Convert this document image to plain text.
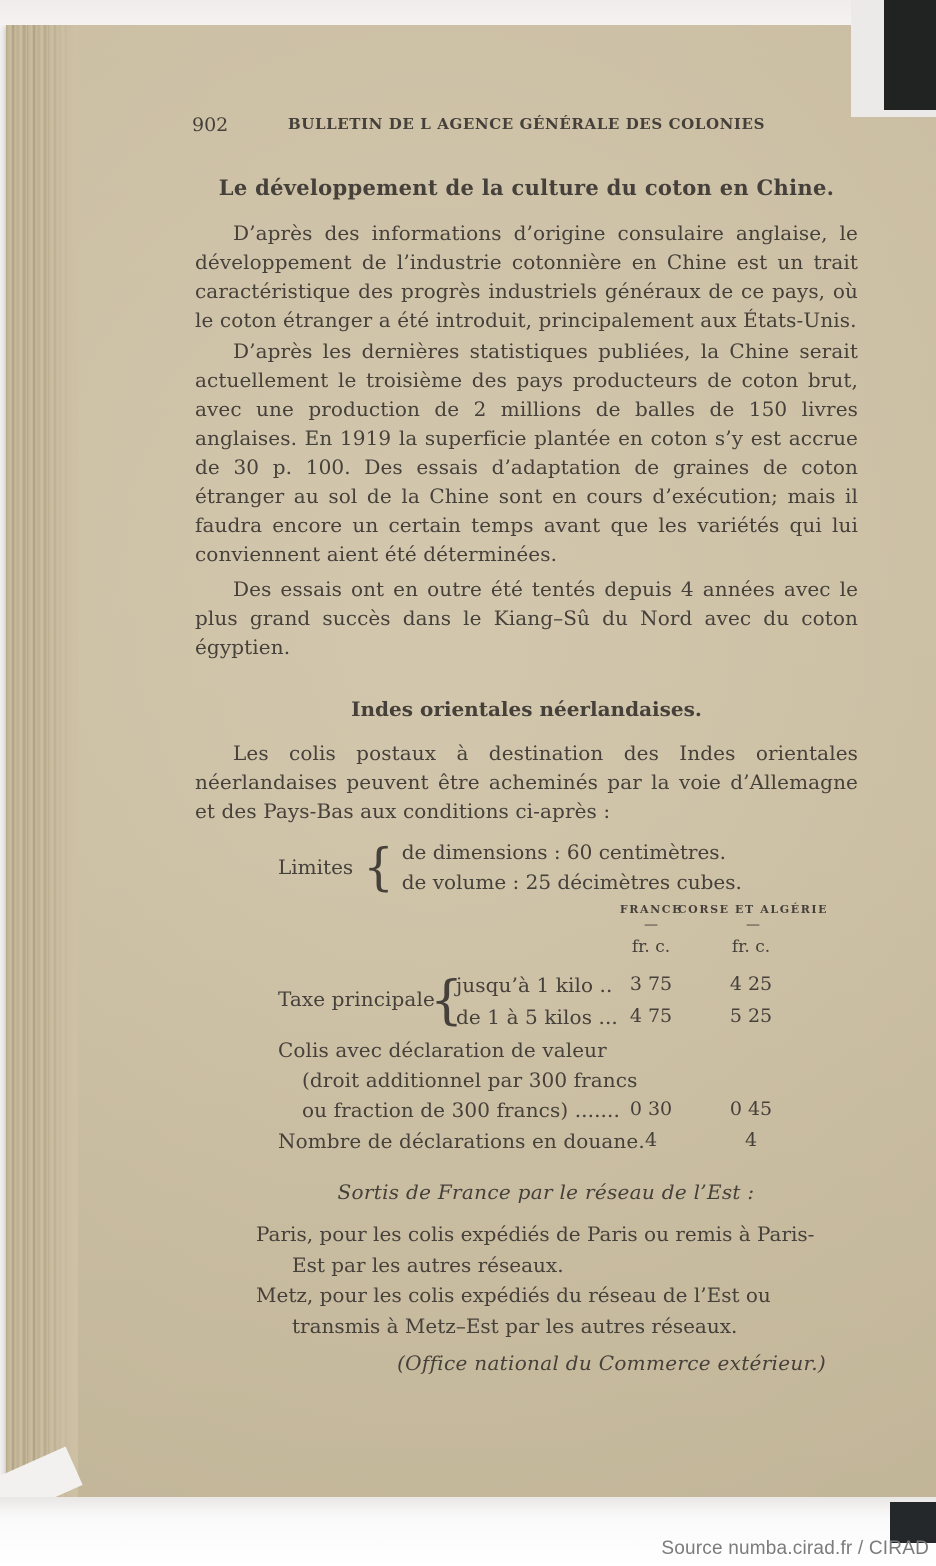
902	BULLETIN DE L AGENCE GÉNÉRALE DES COLONIES
Le développement de la culture du coton en Chine.
D’après des informations d’origine consulaire anglaise, le développement de l’industrie cotonnière en Chine est un trait caractéristique des progrès industriels généraux de ce pays, où le coton étranger a été introduit, principalement aux États-Unis.
D’après les dernières statistiques publiées, la Chine serait actuellement le troisième des pays producteurs de coton brut, avec une production de 2 millions de balles de 150 livres anglaises. En 1919 la superficie plantée en coton s’y est accrue de 30 p. 100. Des essais d’adaptation de graines de coton étranger au sol de la Chine sont en cours d’exécution; mais il faudra encore un certain temps avant que les variétés qui lui conviennent aient été déterminées.
Des essais ont en outre été tentés depuis 4 années avec le plus grand succès dans le Kiang–Sû du Nord avec du coton égyptien.
Indes orientales néerlandaises.
Les colis postaux à destination des Indes orientales néerlandaises peuvent être acheminés par la voie d’Allemagne et des Pays-Bas aux conditions ci-après :
Limites { de dimensions : 60 centimètres.
de volume : 25 décimètres cubes.
FRANCE
CORSE ET ALGÉRIE
—	—
fr. c.	fr. c.
Taxe principale :
{
jusqu’à 1 kilo .. 3 75	4 25
de 1 à 5 kilos ... 4 75	5 25
Colis avec déclaration de valeur
(droit additionnel par 300 francs
ou fraction de 300 francs) ....... 0 30	0 45
Nombre de déclarations en douane. 4	4
Sortis de France par le réseau de l’Est :
Paris, pour les colis expédiés de Paris ou remis à Paris-Est par les autres réseaux.
Metz, pour les colis expédiés du réseau de l’Est ou transmis à Metz–Est par les autres réseaux.
(Office national du Commerce extérieur.)
Source numba.cirad.fr / CIRAD
